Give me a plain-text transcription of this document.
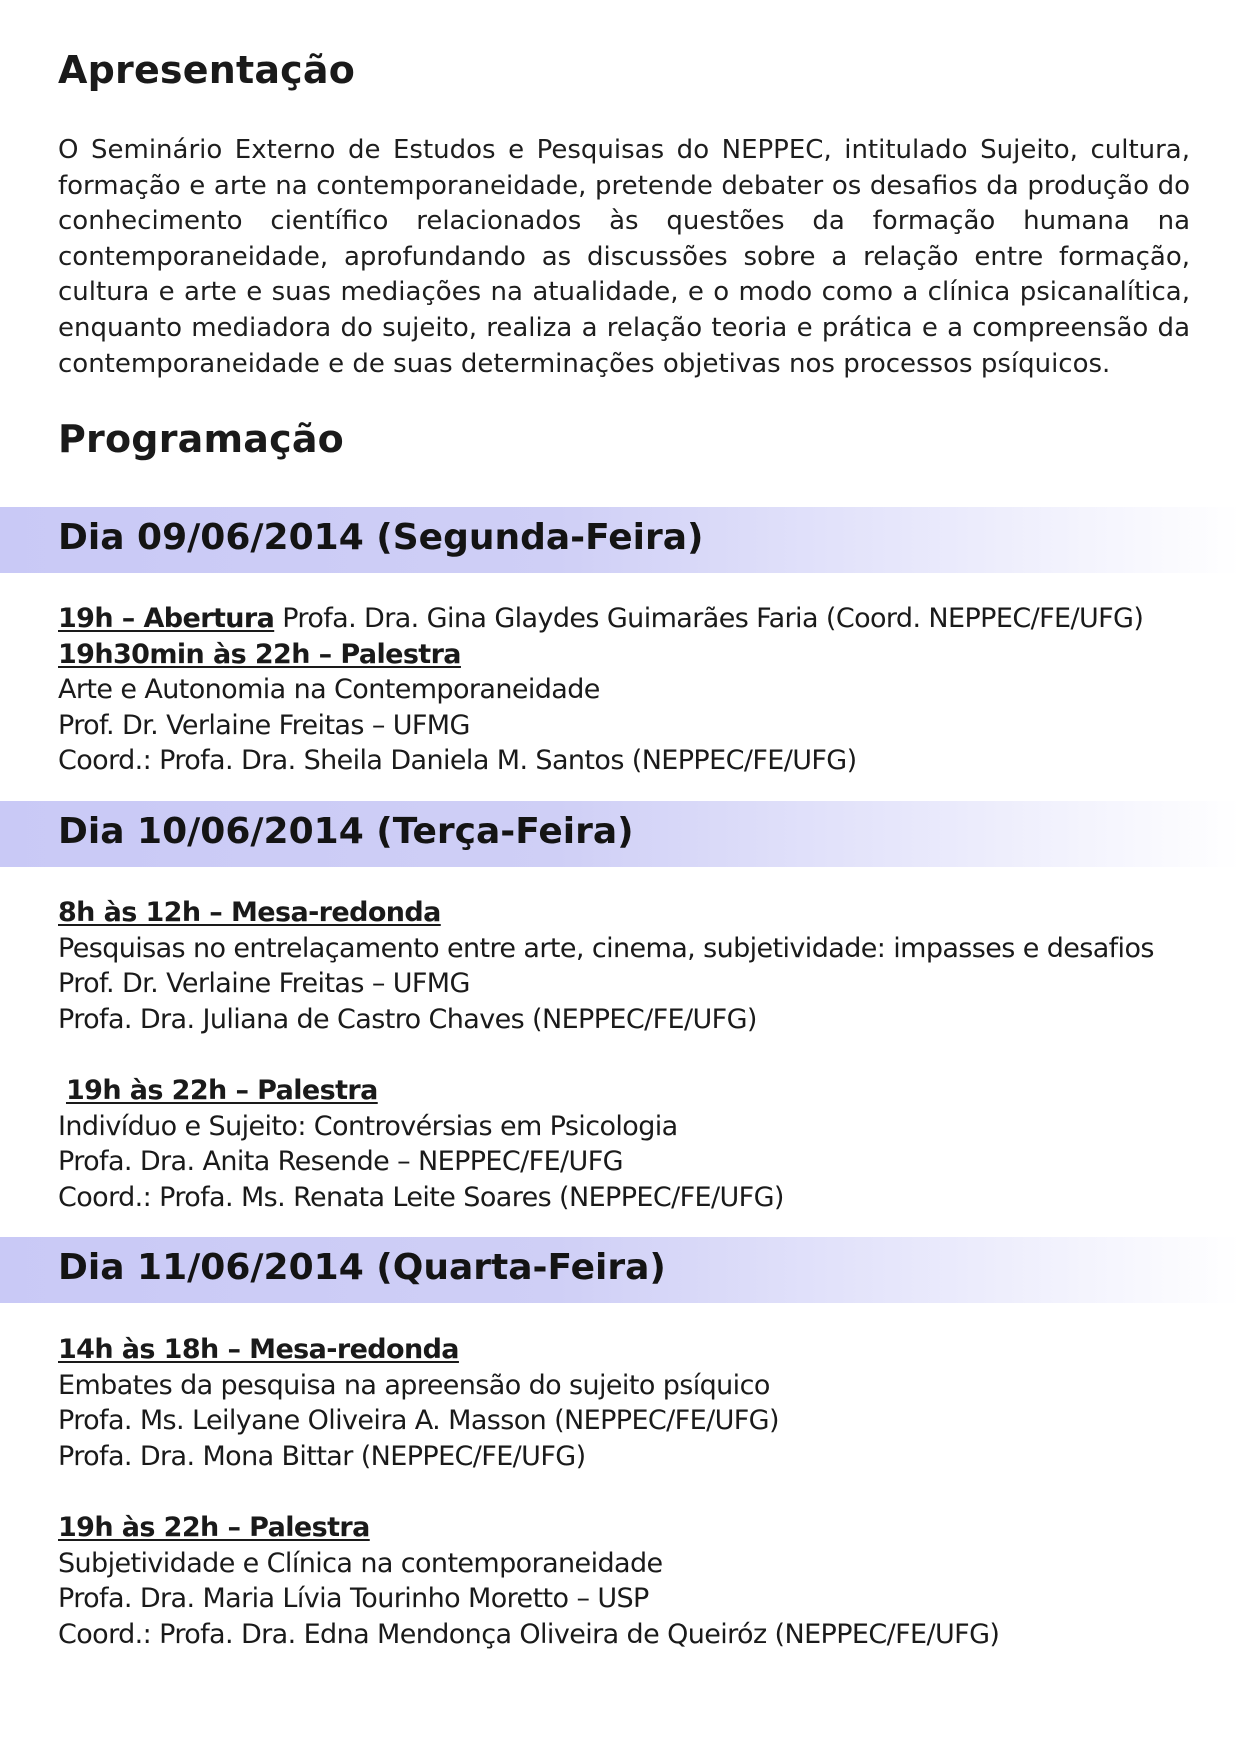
Apresentação

O Seminário Externo de Estudos e Pesquisas do NEPPEC, intitulado Sujeito, cultura, formação e arte na contemporaneidade, pretende debater os desafios da produção do conhecimento científico relacionados às questões da formação humana na contemporaneidade, aprofundando as discussões sobre a relação entre formação, cultura e arte e suas mediações na atualidade, e o modo como a clínica psicanalítica, enquanto mediadora do sujeito, realiza a relação teoria e prática e a compreensão da contemporaneidade e de suas determinações objetivas nos processos psíquicos.

Programação
Dia 09/06/2014 (Segunda-Feira)
19h – Abertura Profa. Dra. Gina Glaydes Guimarães Faria (Coord. NEPPEC/FE/UFG)
19h30min às 22h – Palestra
Arte e Autonomia na Contemporaneidade
Prof. Dr. Verlaine Freitas – UFMG
Coord.: Profa. Dra. Sheila Daniela M. Santos (NEPPEC/FE/UFG)
Dia 10/06/2014 (Terça-Feira)
8h às 12h – Mesa-redonda
Pesquisas no entrelaçamento entre arte, cinema, subjetividade: impasses e desafios
Prof. Dr. Verlaine Freitas – UFMG
Profa. Dra. Juliana de Castro Chaves (NEPPEC/FE/UFG)
19h às 22h – Palestra
Indivíduo e Sujeito: Controvérsias em Psicologia
Profa. Dra. Anita Resende – NEPPEC/FE/UFG
Coord.: Profa. Ms. Renata Leite Soares (NEPPEC/FE/UFG)
Dia 11/06/2014 (Quarta-Feira)
14h às 18h – Mesa-redonda
Embates da pesquisa na apreensão do sujeito psíquico
Profa. Ms. Leilyane Oliveira A. Masson (NEPPEC/FE/UFG)
Profa. Dra. Mona Bittar (NEPPEC/FE/UFG)
19h às 22h – Palestra
Subjetividade e Clínica na contemporaneidade
Profa. Dra. Maria Lívia Tourinho Moretto – USP
Coord.: Profa. Dra. Edna Mendonça Oliveira de Queiróz (NEPPEC/FE/UFG)
